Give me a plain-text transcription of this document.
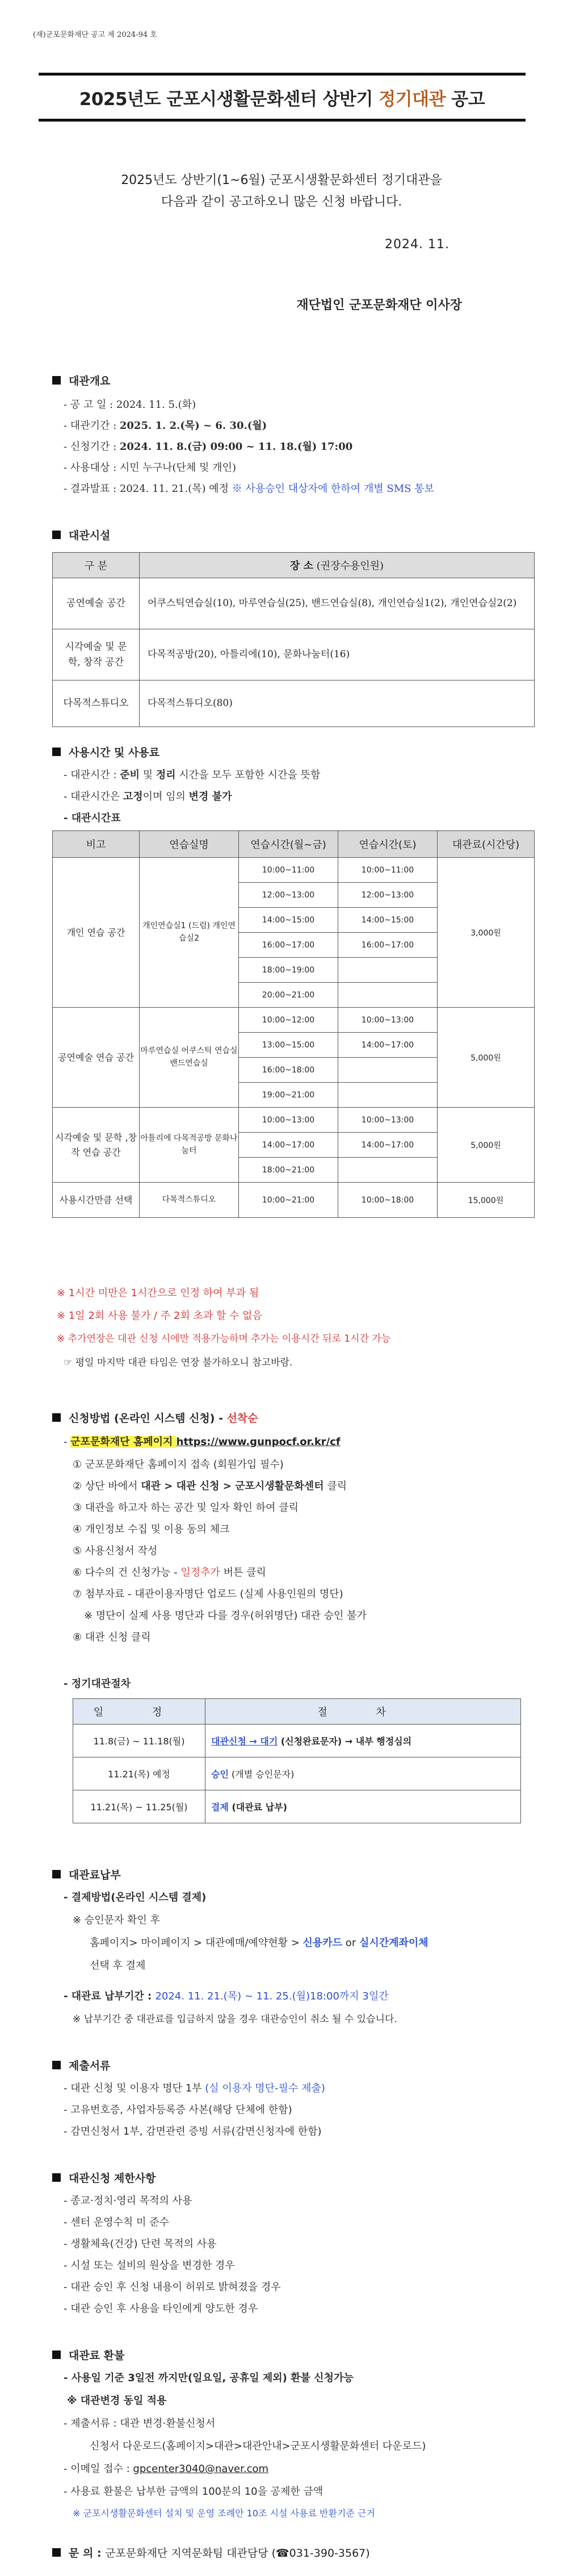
(재)군포문화재단 공고 제 2024-94 호
2025년도 군포시생활문화센터 상반기 정기대관 공고
2025년도 상반기(1~6월) 군포시생활문화센터 정기대관을
다음과 같이 공고하오니 많은 신청 바랍니다.
2024. 11.
재단법인 군포문화재단 이사장
대관개요
- 공 고 일 : 2024. 11. 5.(화)
- 대관기간 : 2025. 1. 2.(목) ~ 6. 30.(월)
- 신청기간 : 2024. 11. 8.(금) 09:00 ~ 11. 18.(월) 17:00
- 사용대상 : 시민 누구나(단체 및 개인)
- 결과발표 : 2024. 11. 21.(목) 예정 ※ 사용승인 대상자에 한하여 개별 SMS 통보
대관시설
구 분	장 소 (권장수용인원)
공연예술 공간	어쿠스틱연습실(10), 마루연습실(25), 밴드연습실(8), 개인연습실1(2), 개인연습실2(2)
시각예술 및 문학, 창작 공간	다목적공방(20), 아틀리에(10), 문화나눔터(16)
다목적스튜디오	다목적스튜디오(80)
사용시간 및 사용료
- 대관시간 : 준비 및 정리 시간을 모두 포함한 시간을 뜻함
- 대관시간은 고정이며 임의 변경 불가
- 대관시간표
비고	연습실명	연습시간(월~금)	연습시간(토)	대관료(시간당)
개인 연습 공간	개인연습실1 (드럼) 개인연습실2	10:00~11:00	10:00~11:00	3,000원
		12:00~13:00	12:00~13:00	
		14:00~15:00	14:00~15:00	
		16:00~17:00	16:00~17:00	
		18:00~19:00		
		20:00~21:00		
공연예술 연습 공간	마루연습실 어쿠스틱 연습실 밴드연습실	10:00~12:00	10:00~13:00	5,000원
		13:00~15:00	14:00~17:00	
		16:00~18:00		
		19:00~21:00		
시각예술 및 문학 ,창작 연습 공간	아틀리에 다목적공방 문화나눔터	10:00~13:00	10:00~13:00	5,000원
		14:00~17:00	14:00~17:00	
		18:00~21:00		
사용시간만큼 선택	다목적스튜디오	10:00~21:00	10:00~18:00	15,000원
※ 1시간 미만은 1시간으로 인정 하여 부과 됨
※ 1일 2회 사용 불가 / 주 2회 초과 할 수 없음
※ 추가연장은 대관 신청 시에만 적용가능하며 추가는 이용시간 뒤로 1시간 가능
☞ 평일 마지막 대관 타임은 연장 불가하오니 참고바람.
신청방법 (온라인 시스템 신청) - 선착순
- 군포문화재단 홈페이지 https://www.gunpocf.or.kr/cf
① 군포문화재단 홈페이지 접속 (회원가입 필수)
② 상단 바에서 대관 > 대관 신청 > 군포시생활문화센터 클릭
③ 대관을 하고자 하는 공간 및 일자 확인 하여 클릭
④ 개인정보 수집 및 이용 동의 체크
⑤ 사용신청서 작성
⑥ 다수의 건 신청가능 - 일정추가 버튼 클릭
⑦ 첨부자료 - 대관이용자명단 업로드 (실제 사용인원의 명단)
※ 명단이 실제 사용 명단과 다를 경우(허위명단) 대관 승인 불가
⑧ 대관 신청 클릭
- 정기대관절차
일 정	절 차
11.8(금) ~ 11.18(월)	대관신청 → 대기 (신청완료문자) → 내부 행정심의
11.21(목) 예정	승인 (개별 승인문자)
11.21(목) ~ 11.25(월)	결제 (대관료 납부)
대관료납부
- 결제방법(온라인 시스템 결제)
※ 승인문자 확인 후
홈페이지> 마이페이지 > 대관예매/예약현황 > 신용카드 or 실시간계좌이체
선택 후 결제
- 대관료 납부기간 : 2024. 11. 21.(목) ~ 11. 25.(월)18:00까지 3일간
※ 납부기간 중 대관료를 입금하지 않을 경우 대관승인이 취소 될 수 있습니다.
제출서류
- 대관 신청 및 이용자 명단 1부 (실 이용자 명단-필수 제출)
- 고유번호증, 사업자등록증 사본(해당 단체에 한함)
- 감면신청서 1부, 감면관련 증빙 서류(감면신청자에 한함)
대관신청 제한사항
- 종교·정치·영리 목적의 사용
- 센터 운영수칙 미 준수
- 생활체육(건강) 단련 목적의 사용
- 시설 또는 설비의 원상을 변경한 경우
- 대관 승인 후 신청 내용이 허위로 밝혀졌을 경우
- 대관 승인 후 사용을 타인에게 양도한 경우
대관료 환불
- 사용일 기준 3일전 까지만(일요일, 공휴일 제외) 환불 신청가능
※ 대관변경 동일 적용
- 제출서류 : 대관 변경·환불신청서
신청서 다운로드(홈페이지>대관>대관안내>군포시생활문화센터 다운로드)
- 이메일 접수 : gpcenter3040@naver.com
- 사용료 환불은 납부한 금액의 100분의 10을 공제한 금액
※ 군포시생활문화센터 설치 및 운영 조례안 10조 시설 사용료 반환기준 근거
문 의 : 군포문화재단 지역문화팀 대관담당 (☎031-390-3567)
